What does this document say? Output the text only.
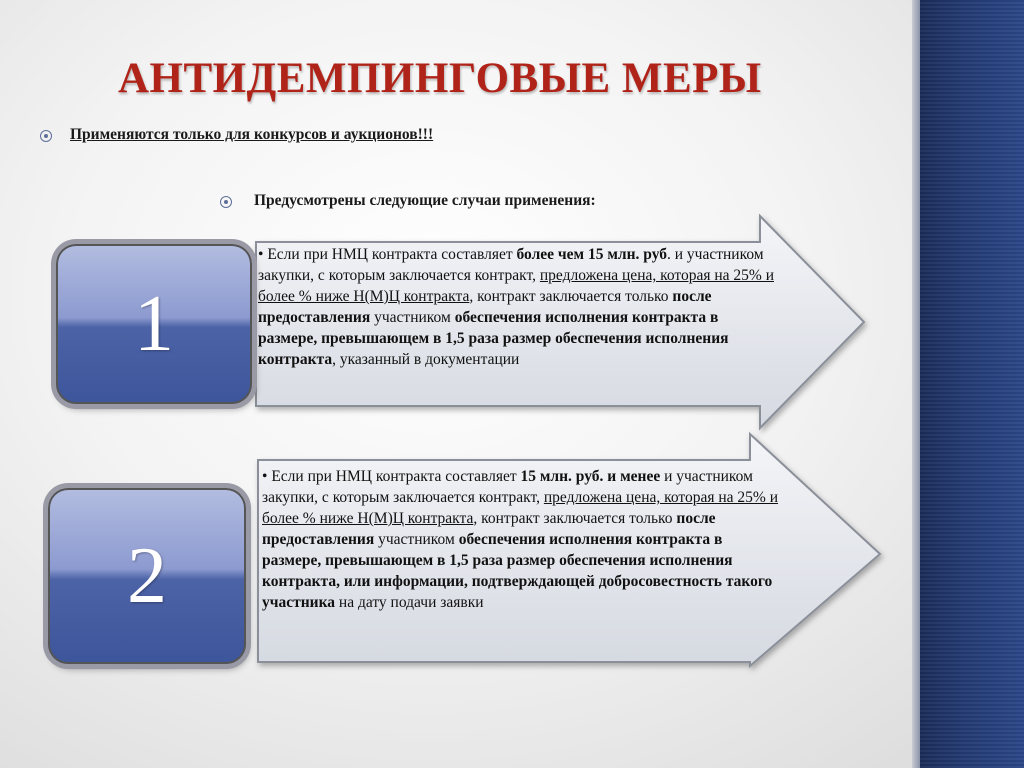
АНТИДЕМПИНГОВЫЕ МЕРЫ
Применяются только для конкурсов и аукционов!!!
Предусмотрены следующие случаи применения:
• Если при НМЦ контракта составляет более чем 15 млн. руб. и участником закупки, с которым заключается контракт, предложена цена, которая на 25% и более % ниже Н(М)Ц контракта, контракт заключается только после предоставления участником обеспечения исполнения контракта в размере, превышающем в 1,5 раза размер обеспечения исполнения контракта, указанный в документации
1
• Если при НМЦ контракта составляет 15 млн. руб. и менее и участником закупки, с которым заключается контракт, предложена цена, которая на 25% и более % ниже Н(М)Ц контракта, контракт заключается только после предоставления участником обеспечения исполнения контракта в размере, превышающем в 1,5 раза размер обеспечения исполнения контракта, или информации, подтверждающей добросовестность такого участника на дату подачи заявки
2
